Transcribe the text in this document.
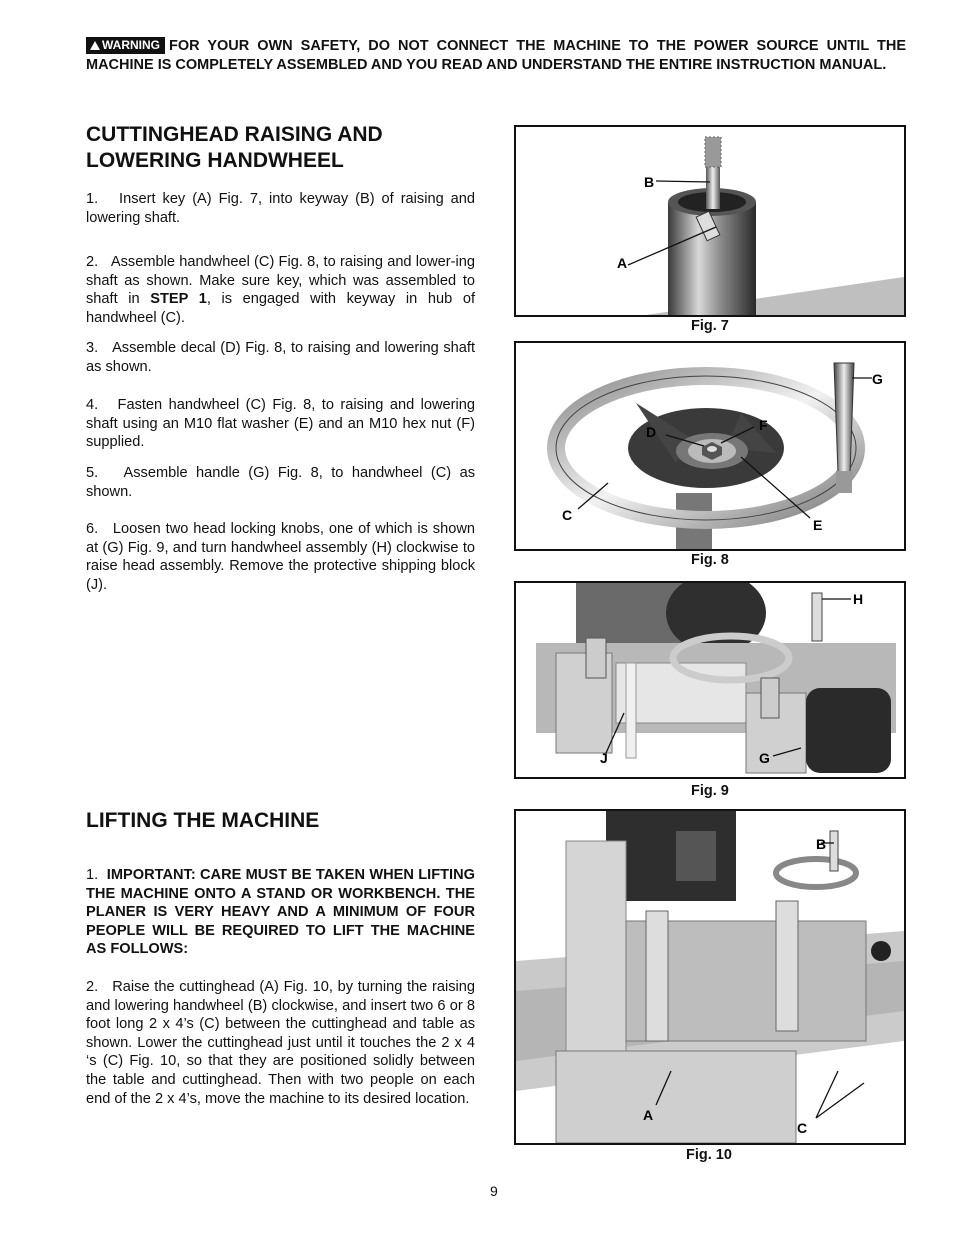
WARNING FOR YOUR OWN SAFETY, DO NOT CONNECT THE MACHINE TO THE POWER SOURCE UNTIL THE MACHINE IS COMPLETELY ASSEMBLED AND YOU READ AND UNDERSTAND THE ENTIRE INSTRUCTION MANUAL.
CUTTINGHEAD RAISING AND
LOWERING HANDWHEEL

1.   Insert key (A) Fig. 7, into keyway (B) of raising and lowering shaft.

2.   Assemble handwheel (C) Fig. 8, to raising and lower-ing shaft as shown. Make sure key, which was assembled to shaft in STEP 1, is engaged with keyway in hub of handwheel (C).

3.   Assemble decal (D) Fig. 8, to raising and lowering shaft as shown.

4.   Fasten handwheel (C) Fig. 8, to raising and lowering shaft using an M10 flat washer (E) and an M10 hex nut (F) supplied.

5.   Assemble handle (G) Fig. 8, to handwheel (C) as shown.

6.   Loosen two head locking knobs, one of which is shown at (G) Fig. 9, and turn handwheel assembly (H) clockwise to raise head assembly. Remove the protective shipping block (J).

LIFTING THE MACHINE

1.  IMPORTANT: CARE MUST BE TAKEN WHEN LIFTING THE MACHINE ONTO A STAND OR WORKBENCH. THE PLANER IS VERY HEAVY AND A MINIMUM OF FOUR PEOPLE WILL BE REQUIRED TO LIFT THE MACHINE AS FOLLOWS:

2.   Raise the cuttinghead (A) Fig. 10, by turning the raising and lowering handwheel (B) clockwise, and insert two 6 or 8 foot long 2 x 4’s (C) between the cuttinghead and table as shown. Lower the cuttinghead just until it touches the 2 x 4 ‘s (C) Fig. 10, so that they are positioned solidly between the table and cuttinghead. Then with two people on each end of the 2 x 4’s, move the machine to its desired location.

B
A
Fig. 7
G
D	F
C
E
Fig. 8
H
J	G
Fig. 9
B
A
C
Fig. 10
9
